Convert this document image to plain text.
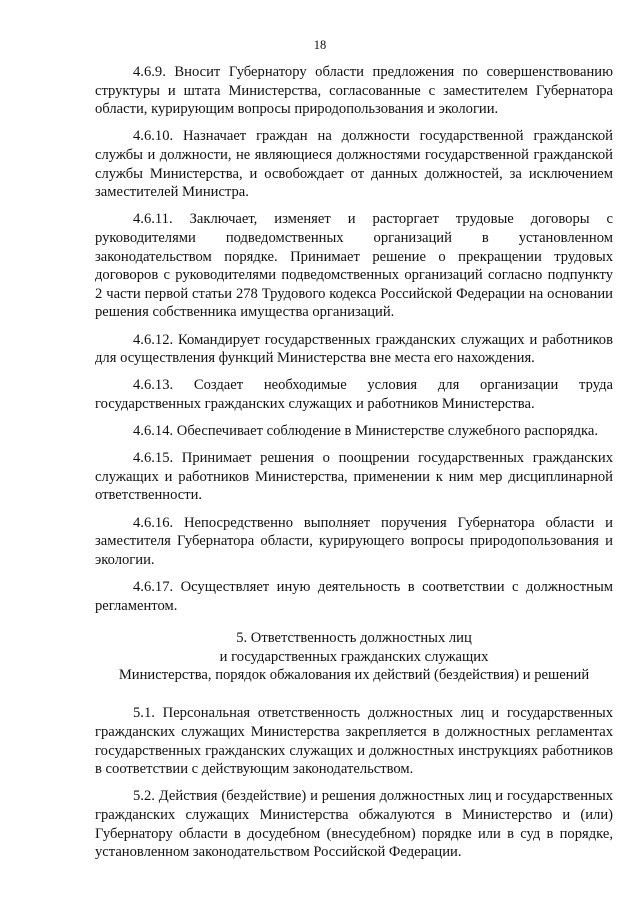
18

4.6.9. Вносит Губернатору области предложения по совершенствованию структуры и штата Министерства, согласованные с заместителем Губернатора области, курирующим вопросы природопользования и экологии.

4.6.10. Назначает граждан на должности государственной гражданской службы и должности, не являющиеся должностями государственной гражданской службы Министерства, и освобождает от данных должностей, за исключением заместителей Министра.

4.6.11. Заключает, изменяет и расторгает трудовые договоры с руководителями подведомственных организаций в установленном законодательством порядке. Принимает решение о прекращении трудовых договоров с руководителями подведомственных организаций согласно подпункту 2 части первой статьи 278 Трудового кодекса Российской Федерации на основании решения собственника имущества организаций.

4.6.12. Командирует государственных гражданских служащих и работников для осуществления функций Министерства вне места его нахождения.

4.6.13. Создает необходимые условия для организации труда государственных гражданских служащих и работников Министерства.

4.6.14. Обеспечивает соблюдение в Министерстве служебного распорядка.

4.6.15. Принимает решения о поощрении государственных гражданских служащих и работников Министерства, применении к ним мер дисциплинарной ответственности.

4.6.16. Непосредственно выполняет поручения Губернатора области и заместителя Губернатора области, курирующего вопросы природопользования и экологии.

4.6.17. Осуществляет иную деятельность в соответствии с должностным регламентом.

5. Ответственность должностных лиц

и государственных гражданских служащих

Министерства, порядок обжалования их действий (бездействия) и решений

5.1. Персональная ответственность должностных лиц и государственных гражданских служащих Министерства закрепляется в должностных регламентах государственных гражданских служащих и должностных инструкциях работников в соответствии с действующим законодательством.

5.2. Действия (бездействие) и решения должностных лиц и государственных гражданских служащих Министерства обжалуются в Министерство и (или) Губернатору области в досудебном (внесудебном) порядке или в суд в порядке, установленном законодательством Российской Федерации.
